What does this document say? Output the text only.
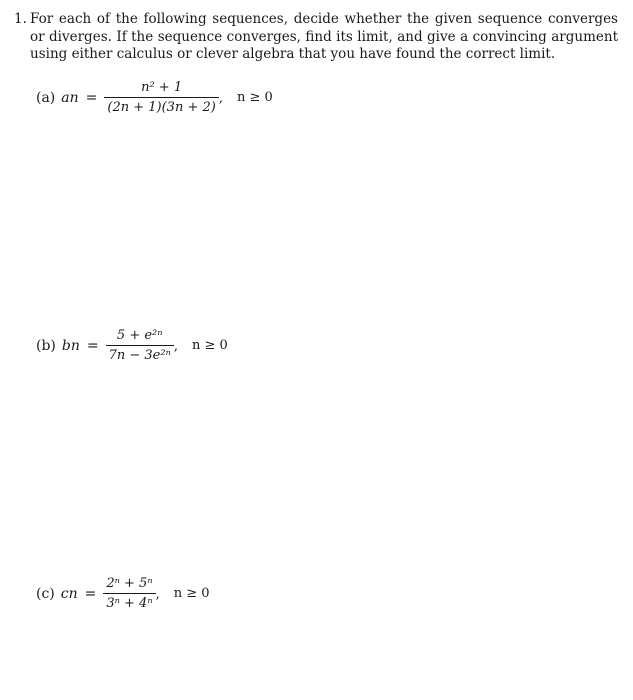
1. For each of the following sequences, decide whether the given sequence converges or diverges. If the sequence converges, find its limit, and give a convincing argument using either calculus or clever algebra that you have found the correct limit.
(a) an = $\frac{\text{n² + 1}}{(2n + 1)(3n + 2)}$ , n ≥ 0
(b) bn = $\frac{\text{5 + e²ⁿ}}{\text{7n − 3e²ⁿ}}$ , n ≥ 0
(c) cn = $\frac{\text{2ⁿ + 5ⁿ}}{\text{3ⁿ + 4ⁿ}}$ , n ≥ 0
